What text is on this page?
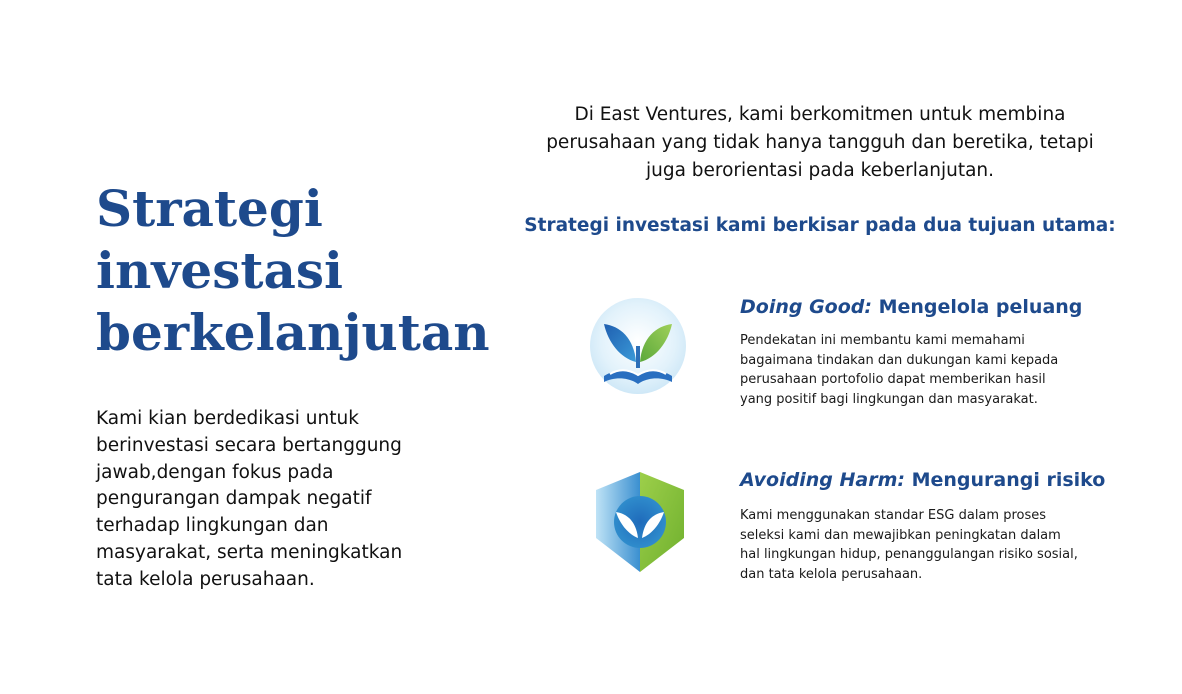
Strategi investasi berkelanjutan

Kami kian berdedikasi untuk berinvestasi secara bertanggung jawab,dengan fokus pada pengurangan dampak negatif terhadap lingkungan dan masyarakat, serta meningkatkan tata kelola perusahaan.

Di East Ventures, kami berkomitmen untuk membina perusahaan yang tidak hanya tangguh dan beretika, tetapi juga berorientasi pada keberlanjutan.

Strategi investasi kami berkisar pada dua tujuan utama:

Doing Good: Mengelola peluang

Pendekatan ini membantu kami memahami bagaimana tindakan dan dukungan kami kepada perusahaan portofolio dapat memberikan hasil yang positif bagi lingkungan dan masyarakat.

Avoiding Harm: Mengurangi risiko

Kami menggunakan standar ESG dalam proses seleksi kami dan mewajibkan peningkatan dalam hal lingkungan hidup, penanggulangan risiko sosial, dan tata kelola perusahaan.
